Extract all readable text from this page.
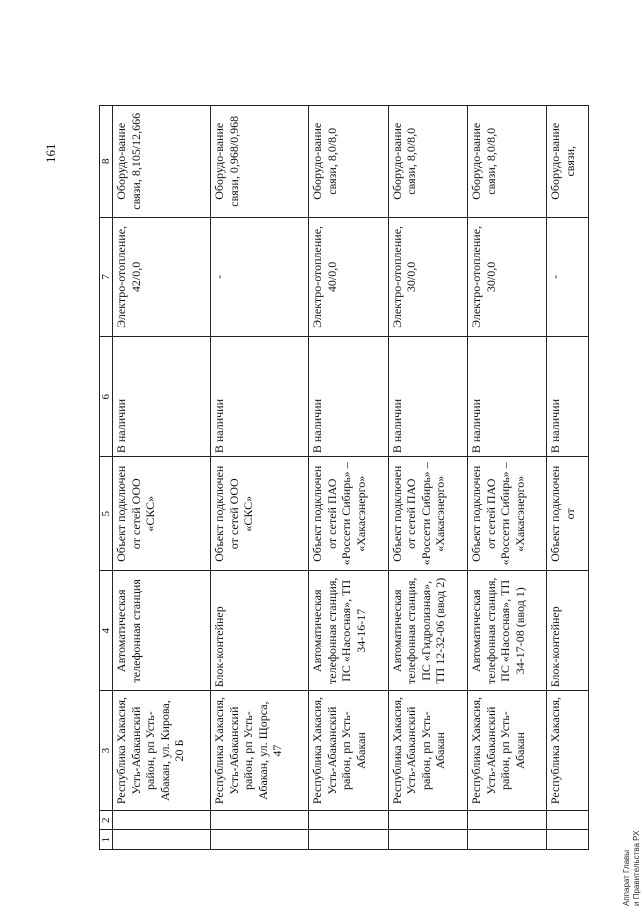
161
1	2	3	4	5	6	7	8
		Республика Хакасия, Усть-Абаканский район, рп Усть-Абакан, ул. Кирова, 20 Б	Автоматическая телефонная станция	Объект подключен от сетей ООО «СКС»	В наличии	Электро-отопление, 42/0,0	Оборудо-вание связи, 8,105/12,666
		Республика Хакасия, Усть-Абаканский район, рп Усть-Абакан, ул. Щорса, 47	Блок-контейнер	Объект подключен от сетей ООО «СКС»	В наличии	-	Оборудо-вание связи, 0,968/0,968
		Республика Хакасия, Усть-Абаканский район, рп Усть-Абакан	Автоматическая телефонная станция, ПС «Насосная», ТП 34-16-17	Объект подключен от сетей ПАО «Россети Сибирь» – «Хакасэнерго»	В наличии	Электро-отопление, 40/0,0	Оборудо-вание связи, 8,0/8,0
		Республика Хакасия, Усть-Абаканский район, рп Усть-Абакан	Автоматическая телефонная станция, ПС «Гидролизная», ТП 12-32-06 (ввод 2)	Объект подключен от сетей ПАО «Россети Сибирь» – «Хакасэнерго»	В наличии	Электро-отопление, 30/0,0	Оборудо-вание связи, 8,0/8,0
		Республика Хакасия, Усть-Абаканский район, рп Усть-Абакан	Автоматическая телефонная станция, ПС «Насосная», ТП 34-17-08 (ввод 1)	Объект подключен от сетей ПАО «Россети Сибирь» – «Хакасэнерго»	В наличии	Электро-отопление, 30/0,0	Оборудо-вание связи, 8,0/8,0
		Республика Хакасия,	Блок-контейнер	Объект подключен от	В наличии	-	Оборудо-вание связи,
Аппарат Главы и Правительства РХ
